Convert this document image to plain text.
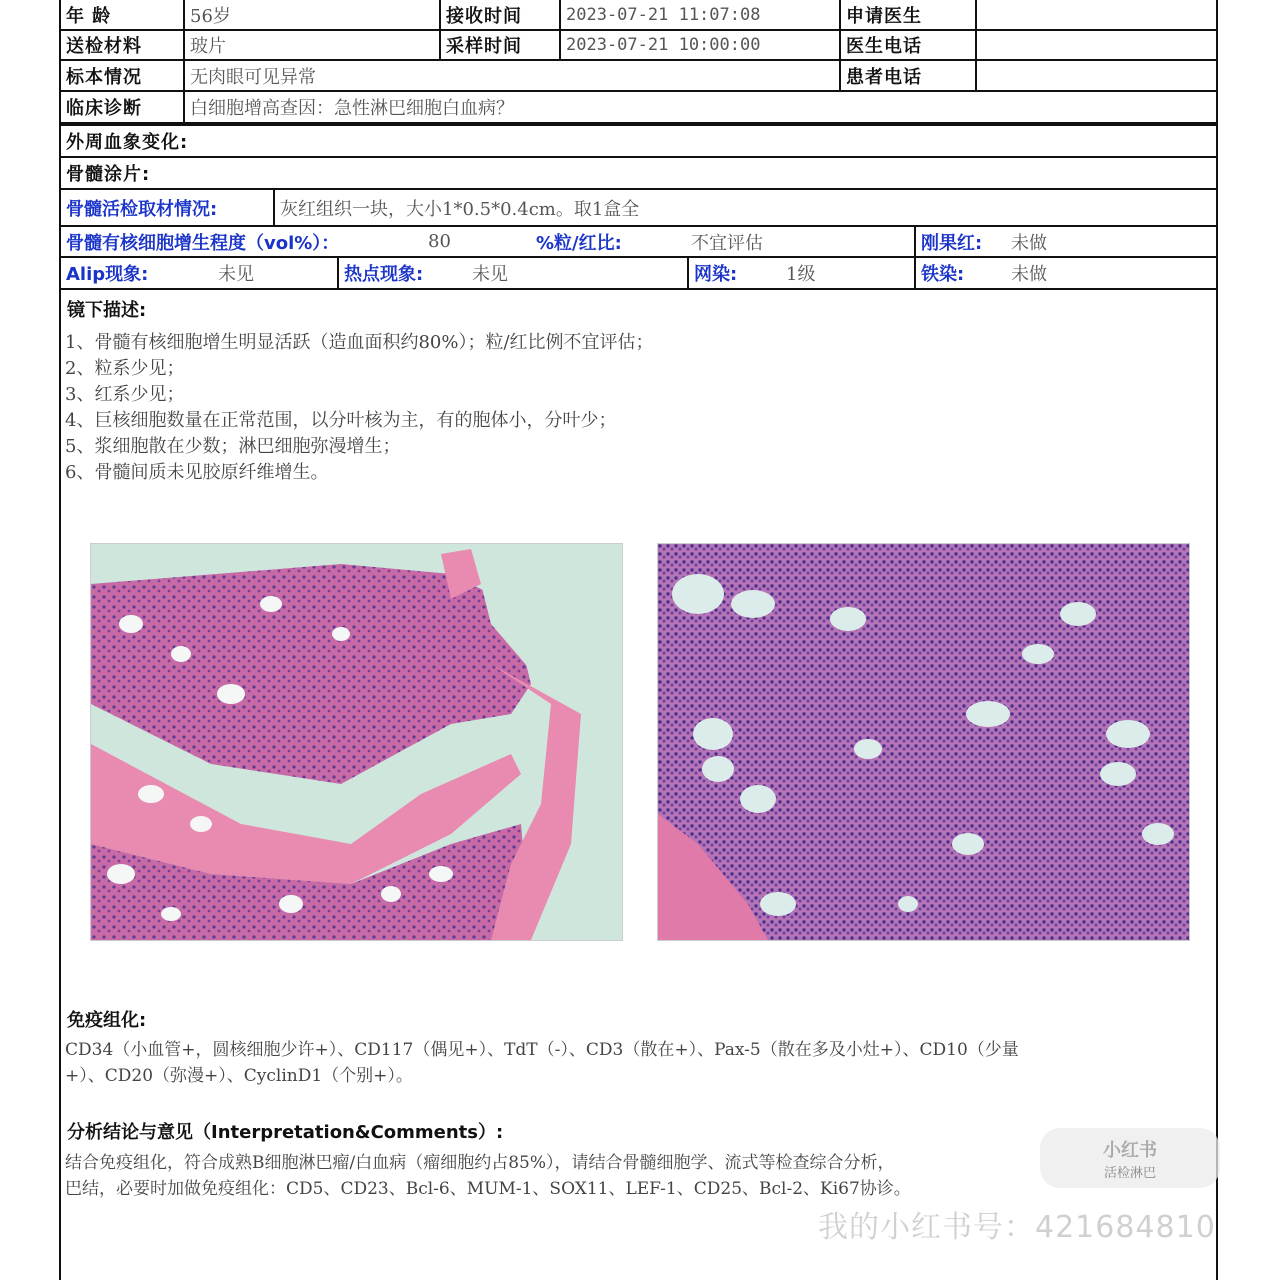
年 龄	56岁	接收时间	2023-07-21 11:07:08	申请医生
送检材料	玻片	采样时间	2023-07-21 10:00:00	医生电话
标本情况	无肉眼可见异常	患者电话
临床诊断	白细胞增高查因：急性淋巴细胞白血病？
外周血象变化:
骨髓涂片:
骨髓活检取材情况:	灰红组织一块，大小1*0.5*0.4cm。取1盒全
骨髓有核细胞增生程度（vol%）：	80	%粒/红比:	不宜评估	刚果红:	未做
Alip现象:	未见	热点现象:	未见	网染:	1级	铁染:	未做
镜下描述:
1、骨髓有核细胞增生明显活跃（造血面积约80%）；粒/红比例不宜评估；
2、粒系少见；
3、红系少见；
4、巨核细胞数量在正常范围，以分叶核为主，有的胞体小，分叶少；
5、浆细胞散在少数；淋巴细胞弥漫增生；
6、骨髓间质未见胶原纤维增生。
免疫组化:
CD34（小血管+，圆核细胞少许+）、CD117（偶见+）、TdT（-）、CD3（散在+）、Pax-5（散在多及小灶+）、CD10（少量
+）、CD20（弥漫+）、CyclinD1（个别+）。
分析结论与意见（Interpretation&Comments）:
结合免疫组化，符合成熟B细胞淋巴瘤/白血病（瘤细胞约占85%），请结合骨髓细胞学、流式等检查综合分析，
巴结，必要时加做免疫组化：CD5、CD23、Bcl-6、MUM-1、SOX11、LEF-1、CD25、Bcl-2、Ki67协诊。
小红书
活检淋巴
我的小红书号：421684810
